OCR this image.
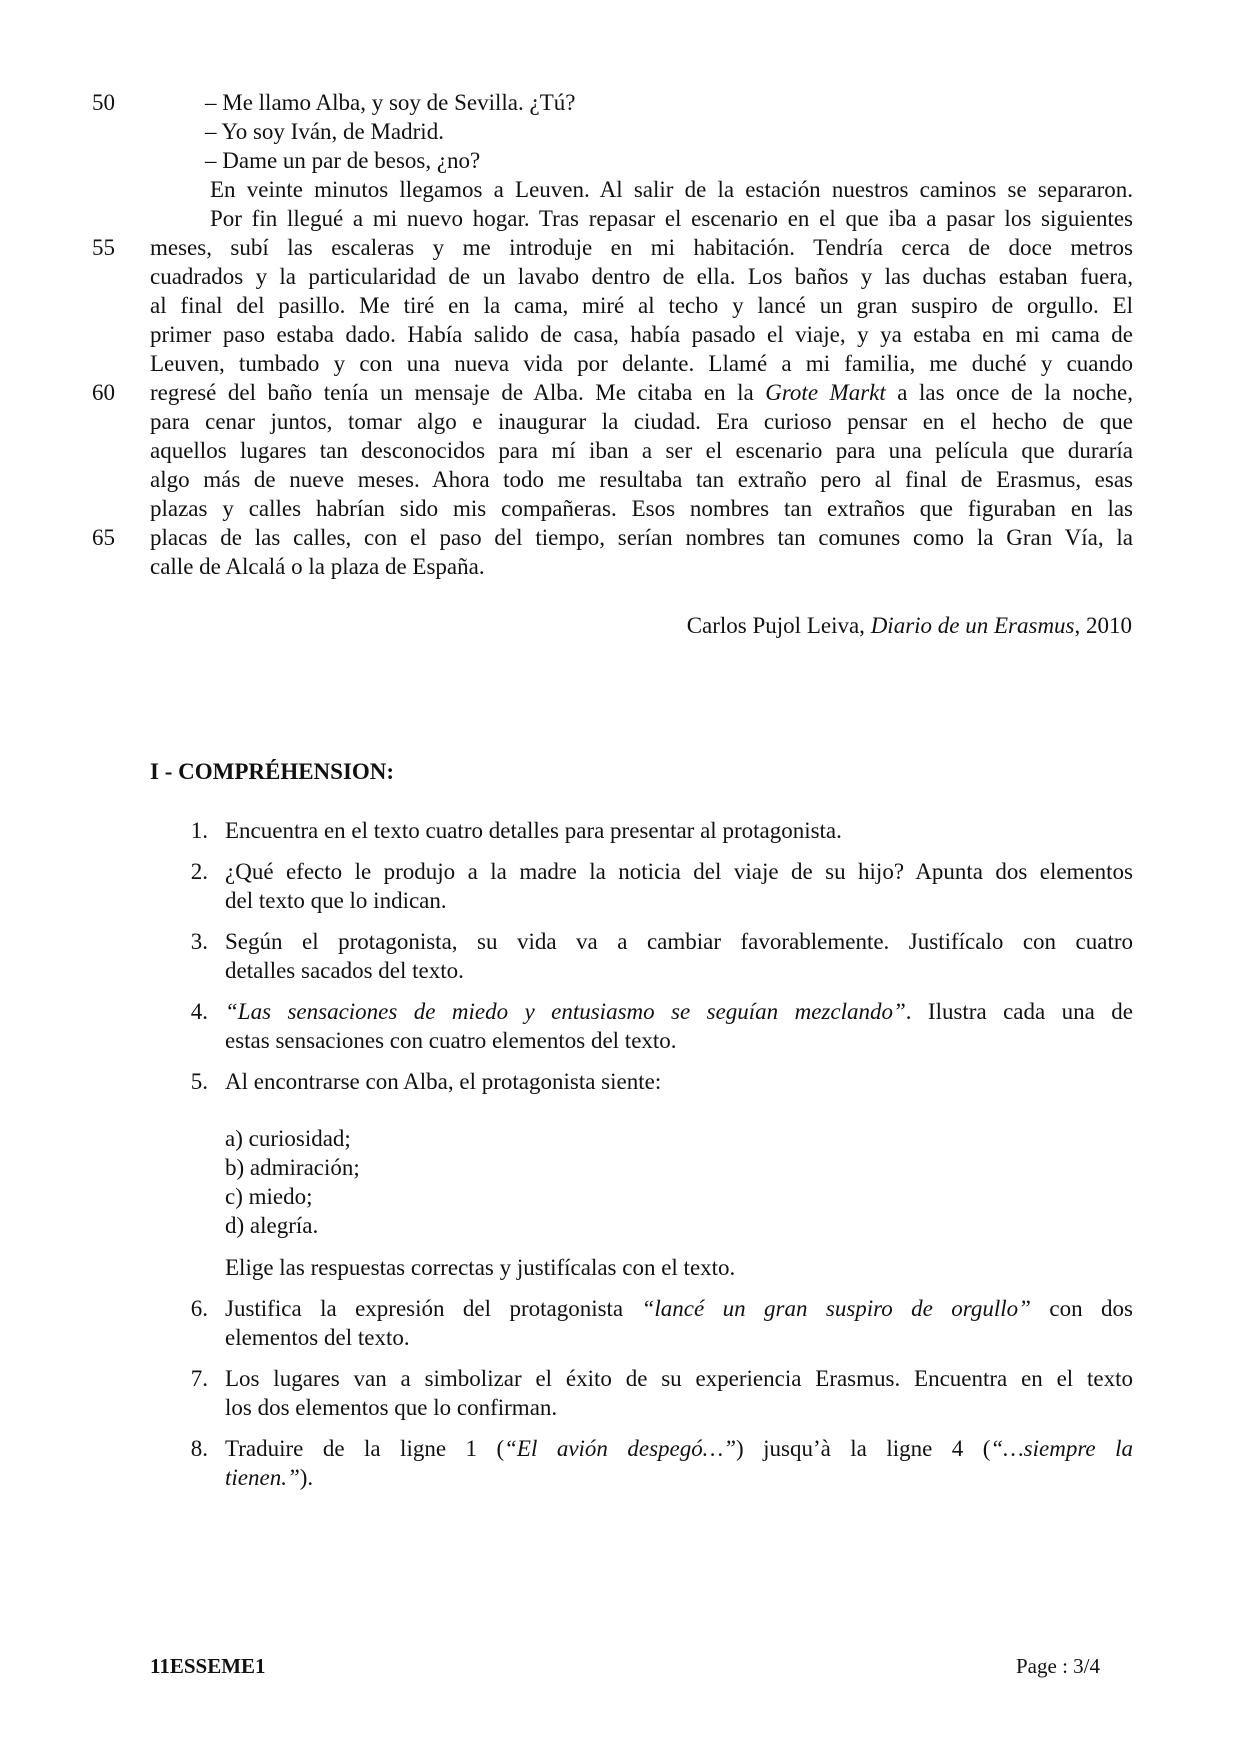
50
55
60
65
– Me llamo Alba, y soy de Sevilla. ¿Tú?
– Yo soy Iván, de Madrid.
– Dame un par de besos, ¿no?
En veinte minutos llegamos a Leuven. Al salir de la estación nuestros caminos se separaron.
Por fin llegué a mi nuevo hogar. Tras repasar el escenario en el que iba a pasar los siguientes
meses, subí las escaleras y me introduje en mi habitación. Tendría cerca de doce metros
cuadrados y la particularidad de un lavabo dentro de ella. Los baños y las duchas estaban fuera,
al final del pasillo. Me tiré en la cama, miré al techo y lancé un gran suspiro de orgullo. El
primer paso estaba dado. Había salido de casa, había pasado el viaje, y ya estaba en mi cama de
Leuven, tumbado y con una nueva vida por delante. Llamé a mi familia, me duché y cuando
regresé del baño tenía un mensaje de Alba. Me citaba en la Grote Markt a las once de la noche,
para cenar juntos, tomar algo e inaugurar la ciudad. Era curioso pensar en el hecho de que
aquellos lugares tan desconocidos para mí iban a ser el escenario para una película que duraría
algo más de nueve meses. Ahora todo me resultaba tan extraño pero al final de Erasmus, esas
plazas y calles habrían sido mis compañeras. Esos nombres tan extraños que figuraban en las
placas de las calles, con el paso del tiempo, serían nombres tan comunes como la Gran Vía, la
calle de Alcalá o la plaza de España.
Carlos Pujol Leiva, Diario de un Erasmus, 2010
I - COMPRÉHENSION:
1. Encuentra en el texto cuatro detalles para presentar al protagonista.
2. ¿Qué efecto le produjo a la madre la noticia del viaje de su hijo? Apunta dos elementos
del texto que lo indican.
3. Según el protagonista, su vida va a cambiar favorablemente. Justifícalo con cuatro
detalles sacados del texto.
4. “Las sensaciones de miedo y entusiasmo se seguían mezclando”. Ilustra cada una de
estas sensaciones con cuatro elementos del texto.
5. Al encontrarse con Alba, el protagonista siente:
a) curiosidad;
b) admiración;
c) miedo;
d) alegría.
Elige las respuestas correctas y justifícalas con el texto.
6. Justifica la expresión del protagonista “lancé un gran suspiro de orgullo” con dos
elementos del texto.
7. Los lugares van a simbolizar el éxito de su experiencia Erasmus. Encuentra en el texto
los dos elementos que lo confirman.
8. Traduire de la ligne 1 (“El avión despegó…”) jusqu’à la ligne 4 (“…siempre la
tienen.”).
11ESSEME1	Page : 3/4
